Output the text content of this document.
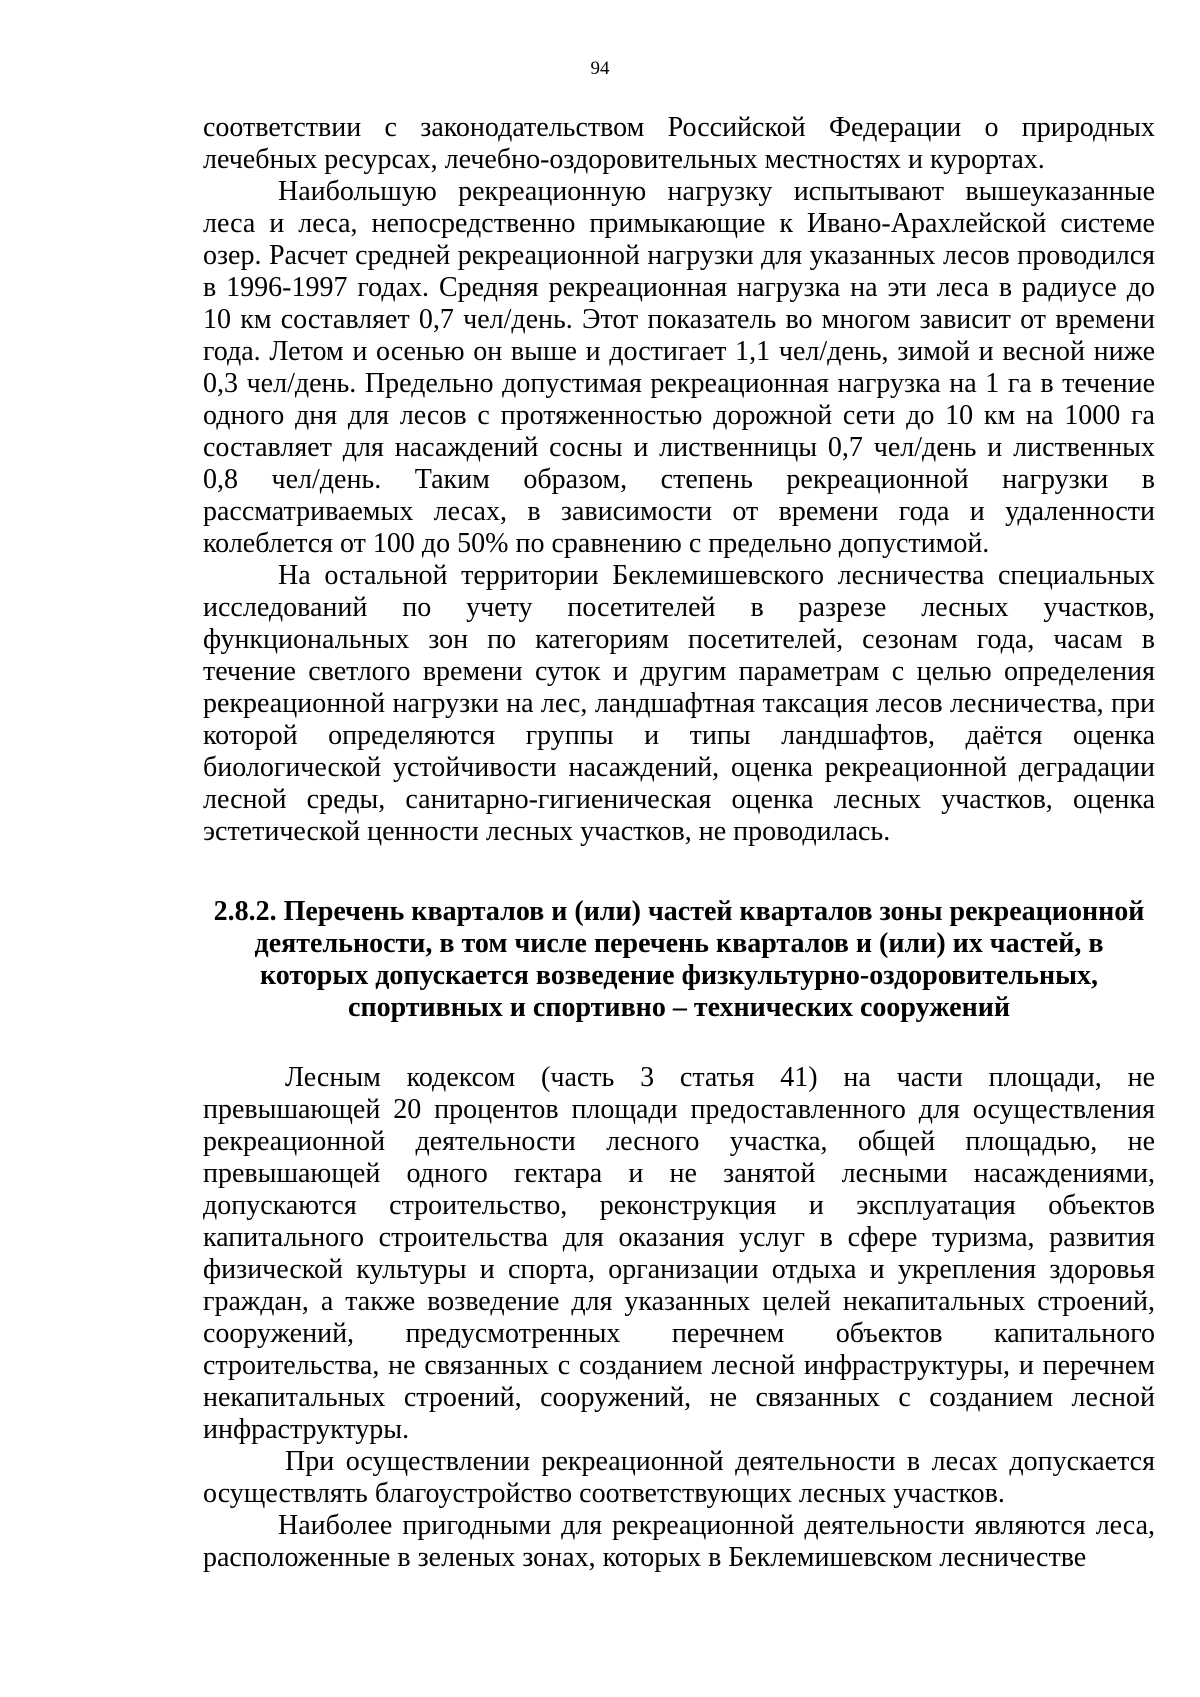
94

соответствии с законодательством Российской Федерации о природных лечебных ресурсах, лечебно-оздоровительных местностях и курортах.

Наибольшую рекреационную нагрузку испытывают вышеуказанные леса и леса, непосредственно примыкающие к Ивано-Арахлейской системе озер. Расчет средней рекреационной нагрузки для указанных лесов проводился в 1996-1997 годах. Средняя рекреационная нагрузка на эти леса в радиусе до 10 км составляет 0,7 чел/день. Этот показатель во многом зависит от времени года. Летом и осенью он выше и достигает 1,1 чел/день, зимой и весной ниже 0,3 чел/день. Предельно допустимая рекреационная нагрузка на 1 га в течение одного дня для лесов с протяженностью дорожной сети до 10 км на 1000 га составляет для насаждений сосны и лиственницы 0,7 чел/день и лиственных 0,8 чел/день. Таким образом, степень рекреационной нагрузки в рассматриваемых лесах, в зависимости от времени года и удаленности колеблется от 100 до 50% по сравнению с предельно допустимой.

На остальной территории Беклемишевского лесничества специальных исследований по учету посетителей в разрезе лесных участков, функциональных зон по категориям посетителей, сезонам года, часам в течение светлого времени суток и другим параметрам с целью определения рекреационной нагрузки на лес, ландшафтная таксация лесов лесничества, при которой определяются группы и типы ландшафтов, даётся оценка биологической устойчивости насаждений, оценка рекреационной деградации лесной среды, санитарно-гигиеническая оценка лесных участков, оценка эстетической ценности лесных участков, не проводилась.

2.8.2. Перечень кварталов и (или) частей кварталов зоны рекреационной деятельности, в том числе перечень кварталов и (или) их частей, в которых допускается возведение физкультурно-оздоровительных, спортивных и спортивно – технических сооружений

Лесным кодексом (часть 3 статья 41) на части площади, не превышающей 20 процентов площади предоставленного для осуществления рекреационной деятельности лесного участка, общей площадью, не превышающей одного гектара и не занятой лесными насаждениями, допускаются строительство, реконструкция и эксплуатация объектов капитального строительства для оказания услуг в сфере туризма, развития физической культуры и спорта, организации отдыха и укрепления здоровья граждан, а также возведение для указанных целей некапитальных строений, сооружений, предусмотренных перечнем объектов капитального строительства, не связанных с созданием лесной инфраструктуры, и перечнем некапитальных строений, сооружений, не связанных с созданием лесной инфраструктуры.

При осуществлении рекреационной деятельности в лесах допускается осуществлять благоустройство соответствующих лесных участков.

Наиболее пригодными для рекреационной деятельности являются леса, расположенные в зеленых зонах, которых в Беклемишевском лесничестве
